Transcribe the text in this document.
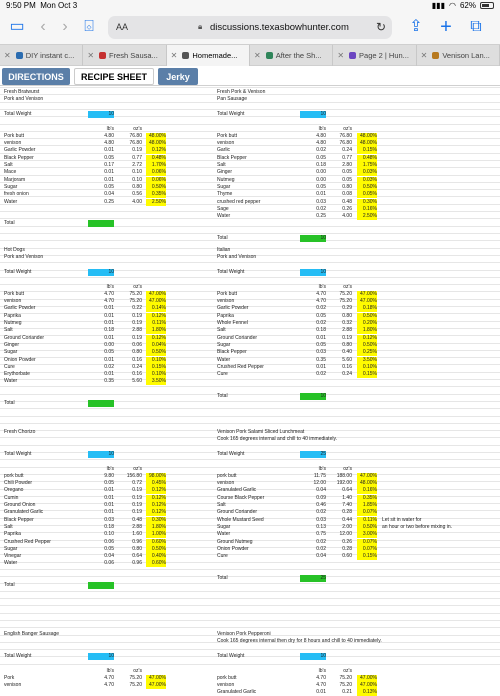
9:50 PM Mon Oct 3	▮▮▮ ◠ 62%
▭ ‹	›	⌺	AA	🔒︎ discussions.texasbowhunter.com ↻ ⇪ +	⧉
✕ DIY instant c... ✕ Fresh Sausa... ✕ Homemade... ✕ After the Sh... ✕ Page 2 | Hun... ✕ Venison Lan...
DIRECTIONS	RECIPE SHEET	Jerky
Fresh Bratwurst
Pork and Venison
Total Weight	10
lb's	oz's
Pork butt	4.80	76.80	48.00%
venison	4.80	76.80	48.00%
Garlic Powder	0.01	0.19	0.12%
Black Pepper	0.05	0.77	0.48%
Salt	0.17	2.72	1.70%
Mace	0.01	0.10	0.06%
Marjoram	0.01	0.10	0.06%
Sugar	0.05	0.80	0.50%
fresh onion	0.04	0.56	0.35%
Water	0.25	4.00	2.50%
Total
Fresh Pork & Venison
Pan Sausage
Total Weight	10
lb's	oz's
Pork butt	4.80	76.80	48.00%
venison	4.80	76.80	48.00%
Garlic	0.02	0.24	0.15%
Black Pepper	0.05	0.77	0.48%
Salt	0.18	2.80	1.75%
Ginger	0.00	0.05	0.03%
Nutmeg	0.00	0.05	0.03%
Sugar	0.05	0.80	0.50%
Thyme	0.01	0.08	0.05%
crushed red pepper	0.03	0.48	0.30%
Sage	0.02	0.26	0.16%
Water	0.25	4.00	2.50%
Total	10
Hot Dogs
Pork and Venison
Total Weight	10
lb's	oz's
Pork butt	4.70	75.20	47.00%
venison	4.70	75.20	47.00%
Garlic Powder	0.01	0.22	0.14%
Paprika	0.01	0.19	0.12%
Nutmeg	0.01	0.19	0.11%
Salt	0.18	2.88	1.80%
Ground Coriander	0.01	0.19	0.12%
Ginger	0.00	0.06	0.04%
Sugar	0.05	0.80	0.50%
Onion Powder	0.01	0.16	0.10%
Cure	0.02	0.24	0.15%
Erythorbate	0.01	0.16	0.10%
Water	0.35	5.60	3.50%
Total
Italian
Pork and Venison
Total Weight	10
lb's	oz's
Pork butt	4.70	75.20	47.00%
venison	4.70	75.20	47.00%
Garlic Powder	0.02	0.29	0.18%
Paprika	0.05	0.80	0.50%
Whole Fennel	0.02	0.32	0.20%
Salt	0.18	2.88	1.80%
Ground Coriander	0.01	0.19	0.12%
Sugar	0.05	0.80	0.50%
Black Pepper	0.03	0.40	0.25%
Water	0.35	5.60	3.50%
Crushed Red Pepper	0.01	0.16	0.10%
Cure	0.02	0.24	0.15%
Total	10
Fresh Chorizo
Total Weight	10
lb's	oz's
pork butt	9.80	156.80	98.00%
Chili Powder	0.05	0.72	0.45%
Oregano	0.01	0.19	0.12%
Cumin	0.01	0.19	0.12%
Ground Onion	0.01	0.19	0.12%
Granulated Garlic	0.01	0.19	0.12%
Black Pepper	0.03	0.48	0.30%
Salt	0.18	2.88	1.80%
Paprika	0.10	1.60	1.00%
Crushed Red Pepper	0.06	0.96	0.60%
Sugar	0.05	0.80	0.50%
Vinegar	0.04	0.64	0.40%
Water	0.06	0.96	0.60%
Total
Venison Pork Salami Sliced Lunchmeat
Cook 165 degrees internal and chill to 40 immediately.
Total Weight	25
lb's	oz's
pork butt	11.75	188.00	47.00%
venison	12.00	192.00	48.00%
Granulated Garlic	0.04	0.64	0.16%
Course Black Pepper	0.09	1.40	0.35%
Salt	0.46	7.40	1.85%
Ground Coriander	0.02	0.28	0.07%
Whole Mustard Seed	0.03	0.44	0.11% Let sit in water for
Sugar	0.13	2.00	0.50% an hour or two before mixing in.
Water	0.75	12.00	3.00%
Ground Nutmeg	0.02	0.26	0.07%
Onion Powder	0.02	0.28	0.07%
Cure	0.04	0.60	0.15%
Total	25
English Banger Sausage
Total Weight	10
lb's	oz's
Pork	4.70	75.20	47.00%
venison	4.70	75.20	47.00%
Venison Pork Pepperoni
Cook 165 degrees internal then dry for 8 hours and chill to 40 immediately.
Total Weight	10
lb's	oz's
pork butt	4.70	75.20	47.00%
venison	4.70	75.20	47.00%
Granulated Garlic	0.01	0.21	0.13%
